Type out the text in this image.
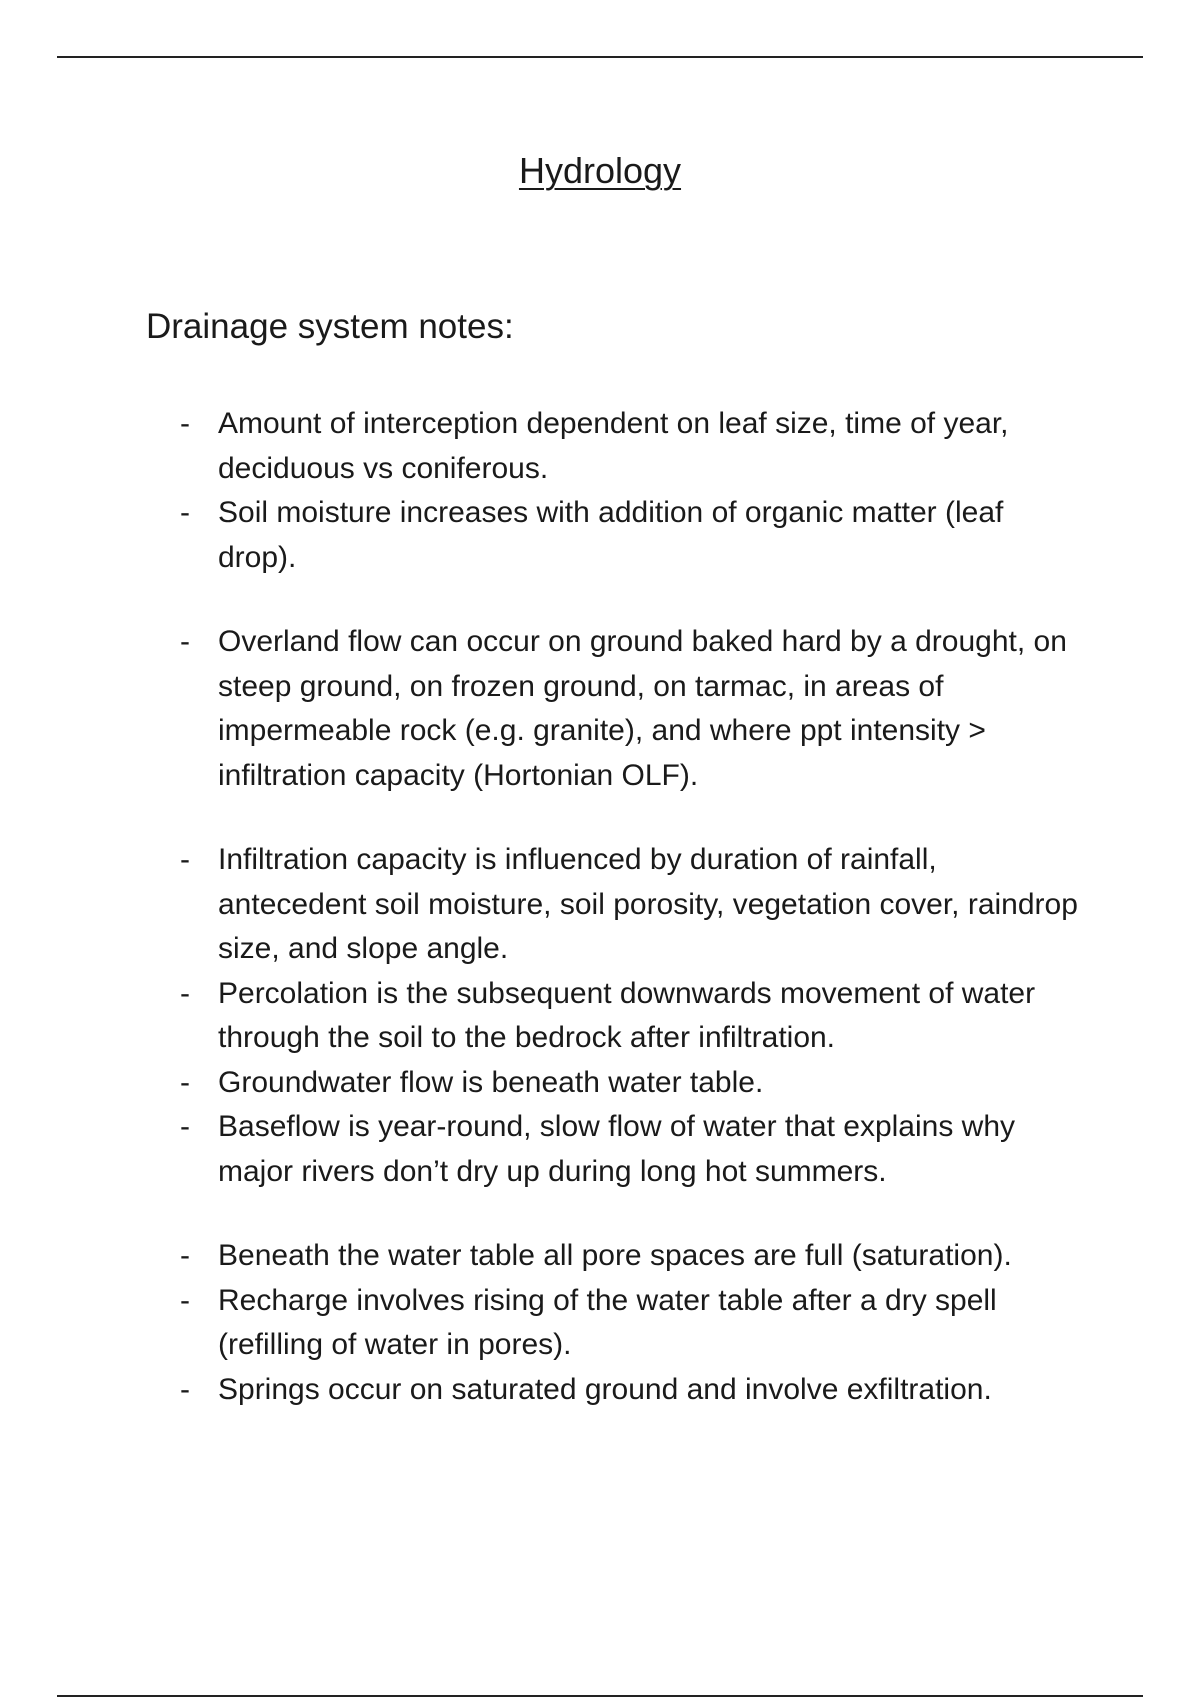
Hydrology
Drainage system notes:
- Amount of interception dependent on leaf size, time of year, deciduous vs coniferous.
- Soil moisture increases with addition of organic matter (leaf drop).
- Overland flow can occur on ground baked hard by a drought, on steep ground, on frozen ground, on tarmac, in areas of impermeable rock (e.g. granite), and where ppt intensity > infiltration capacity (Hortonian OLF).
- Infiltration capacity is influenced by duration of rainfall, antecedent soil moisture, soil porosity, vegetation cover, raindrop size, and slope angle.
- Percolation is the subsequent downwards movement of water through the soil to the bedrock after infiltration.
- Groundwater flow is beneath water table.
- Baseflow is year-round, slow flow of water that explains why major rivers don’t dry up during long hot summers.
- Beneath the water table all pore spaces are full (saturation).
- Recharge involves rising of the water table after a dry spell (refilling of water in pores).
- Springs occur on saturated ground and involve exfiltration.
